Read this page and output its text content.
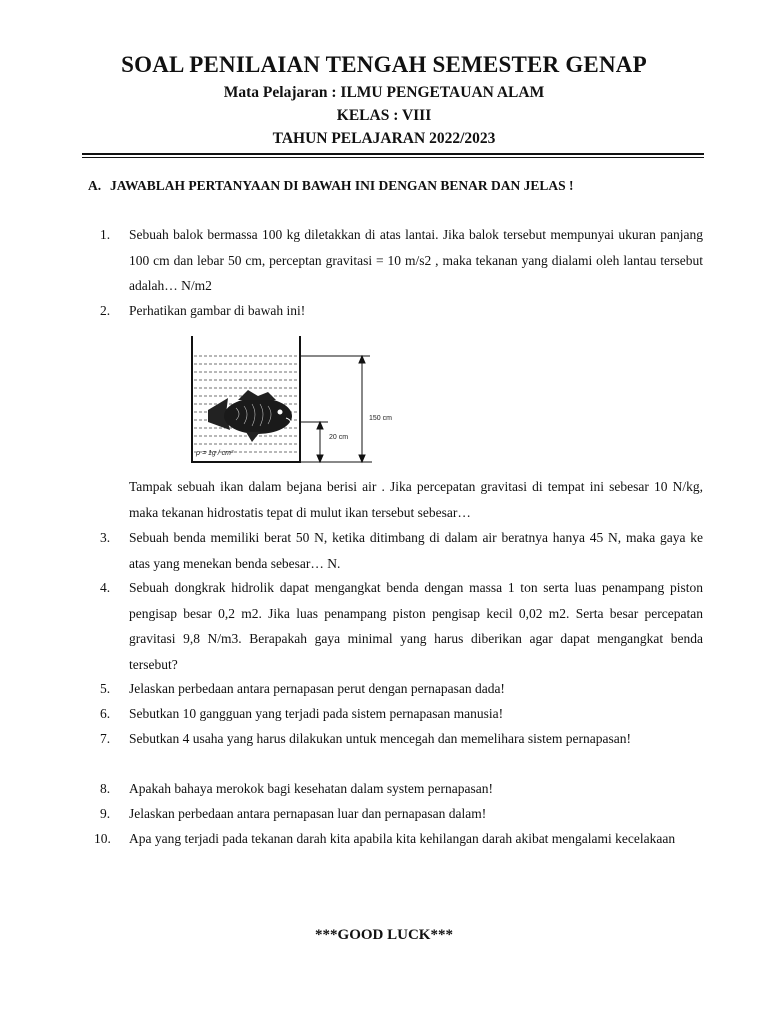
SOAL PENILAIAN TENGAH SEMESTER GENAP
Mata Pelajaran : ILMU PENGETAUAN ALAM
KELAS : VIII
TAHUN PELAJARAN 2022/2023
A. JAWABLAH PERTANYAAN DI BAWAH INI DENGAN BENAR DAN JELAS !
1.	Sebuah balok bermassa 100 kg diletakkan di atas lantai. Jika balok tersebut mempunyai ukuran panjang 100 cm dan lebar 50 cm, perceptan gravitasi = 10 m/s2 , maka tekanan yang dialami oleh lantau tersebut adalah… N/m2
2.	Perhatikan gambar di bawah ini!
ρ = 1g / cm³
150 cm
20 cm
Tampak sebuah ikan dalam bejana berisi air . Jika percepatan gravitasi di tempat ini sebesar 10 N/kg, maka tekanan hidrostatis tepat di mulut ikan tersebut sebesar…
3.	Sebuah benda memiliki berat 50 N, ketika ditimbang di dalam air beratnya hanya 45 N, maka gaya ke atas yang menekan benda sebesar… N.
4.	Sebuah dongkrak hidrolik dapat mengangkat benda dengan massa 1 ton serta luas penampang piston pengisap besar 0,2 m2. Jika luas penampang piston pengisap kecil 0,02 m2. Serta besar percepatan gravitasi 9,8 N/m3. Berapakah gaya minimal yang harus diberikan agar dapat mengangkat benda tersebut?
5.	Jelaskan perbedaan antara pernapasan perut dengan pernapasan dada!
6.	Sebutkan 10 gangguan yang terjadi pada sistem pernapasan manusia!
7.	Sebutkan 4 usaha yang harus dilakukan untuk mencegah dan memelihara sistem pernapasan!
8.	Apakah bahaya merokok bagi kesehatan dalam system pernapasan!
9.	Jelaskan perbedaan antara pernapasan luar dan pernapasan dalam!
10.	Apa yang terjadi pada tekanan darah kita apabila kita kehilangan darah akibat mengalami kecelakaan
***GOOD LUCK***
